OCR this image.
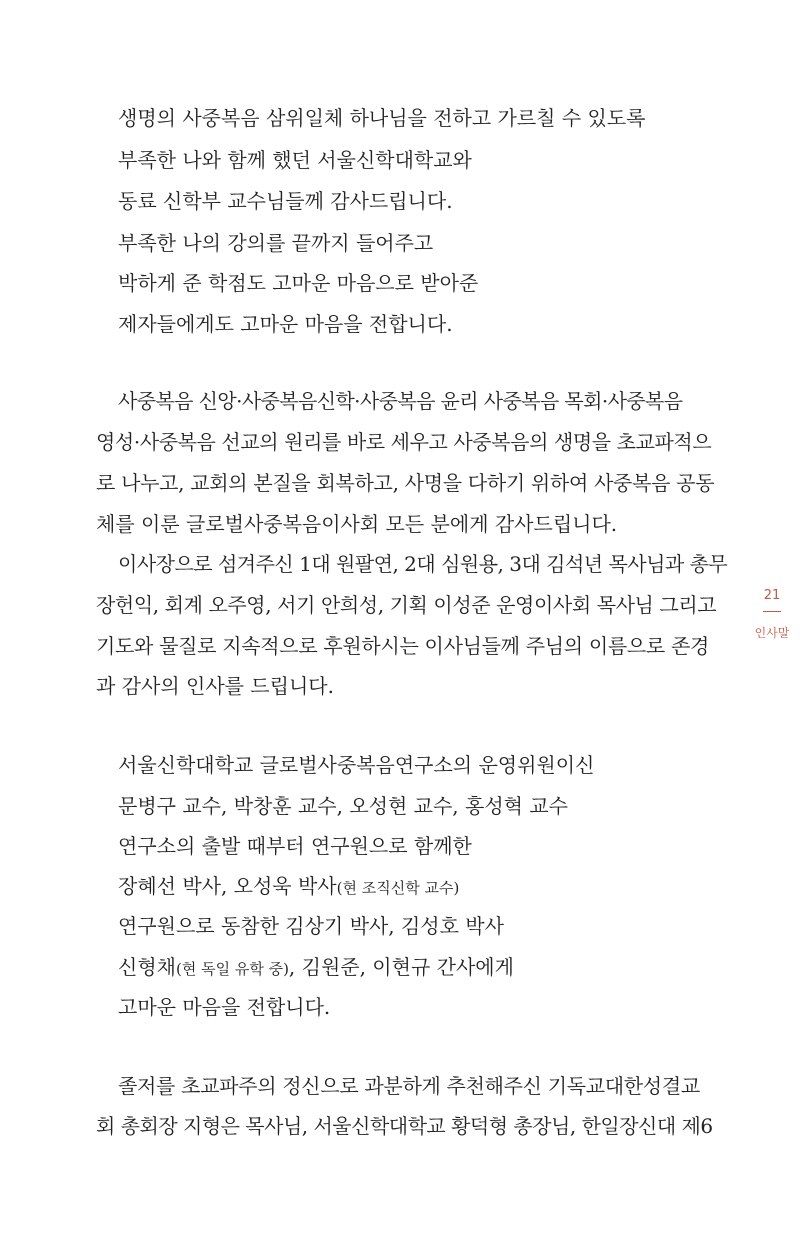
생명의 사중복음 삼위일체 하나님을 전하고 가르칠 수 있도록
부족한 나와 함께 했던 서울신학대학교와
동료 신학부 교수님들께 감사드립니다.
부족한 나의 강의를 끝까지 들어주고
박하게 준 학점도 고마운 마음으로 받아준
제자들에게도 고마운 마음을 전합니다.
사중복음 신앙·사중복음신학·사중복음 윤리 사중복음 목회·사중복음
영성·사중복음 선교의 원리를 바로 세우고 사중복음의 생명을 초교파적으
로 나누고, 교회의 본질을 회복하고, 사명을 다하기 위하여 사중복음 공동
체를 이룬 글로벌사중복음이사회 모든 분에게 감사드립니다.
이사장으로 섬겨주신 1대 원팔연, 2대 심원용, 3대 김석년 목사님과 총무
장헌익, 회계 오주영, 서기 안희성, 기획 이성준 운영이사회 목사님 그리고
기도와 물질로 지속적으로 후원하시는 이사님들께 주님의 이름으로 존경
과 감사의 인사를 드립니다.
서울신학대학교 글로벌사중복음연구소의 운영위원이신
문병구 교수, 박창훈 교수, 오성현 교수, 홍성혁 교수
연구소의 출발 때부터 연구원으로 함께한
장혜선 박사, 오성욱 박사(현 조직신학 교수)
연구원으로 동참한 김상기 박사, 김성호 박사
신형채(현 독일 유학 중), 김원준, 이현규 간사에게
고마운 마음을 전합니다.
졸저를 초교파주의 정신으로 과분하게 추천해주신 기독교대한성결교
회 총회장 지형은 목사님, 서울신학대학교 황덕형 총장님, 한일장신대 제6
21
인사말
